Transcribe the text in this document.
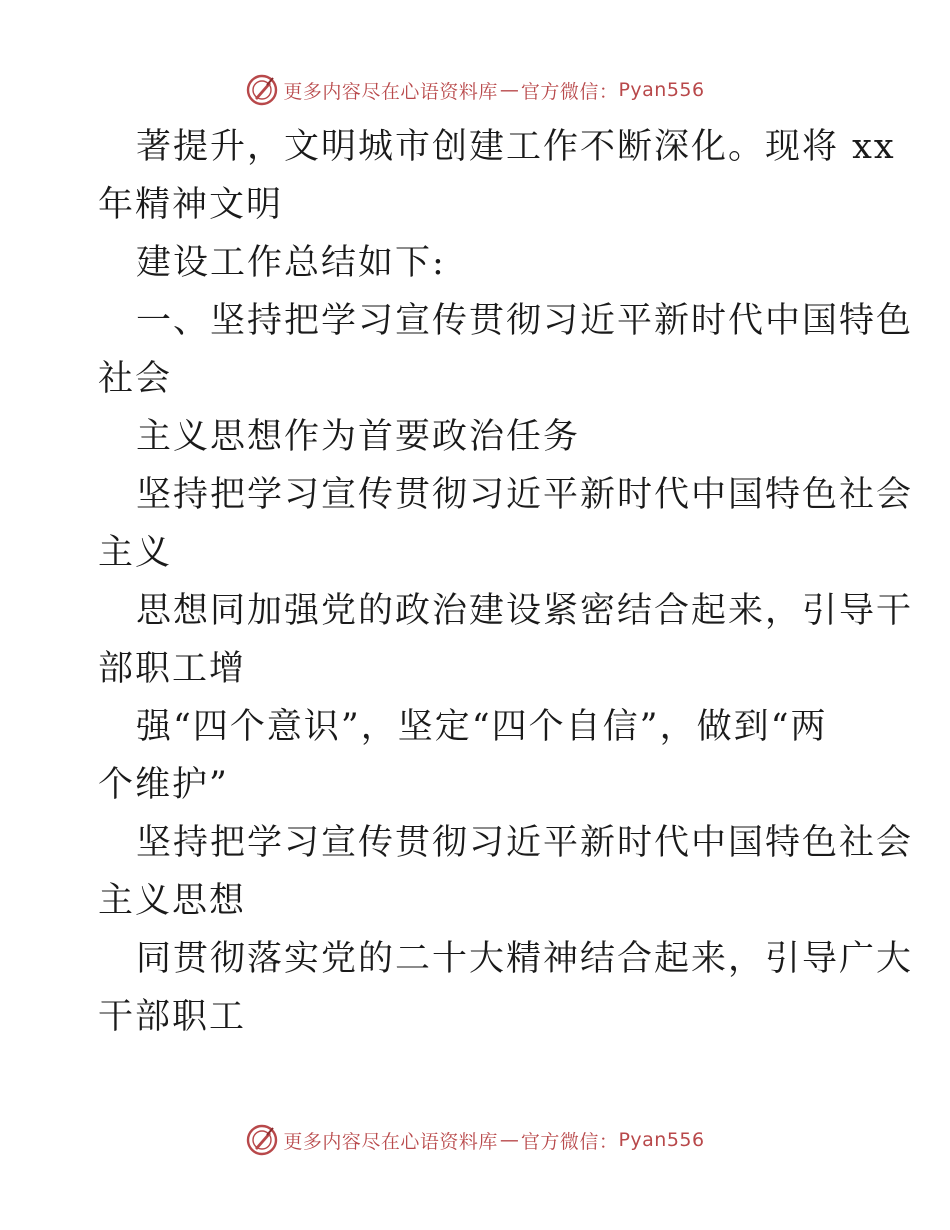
更多内容尽在心语资料库 — 官方微信： Pyan556

著提升，文明城市创建工作不断深化。现将 xx
年精神文明

建设工作总结如下:

一、坚持把学习宣传贯彻习近平新时代中国特色
社会

主义思想作为首要政治任务

坚持把学习宣传贯彻习近平新时代中国特色社会
主义

思想同加强党的政治建设紧密结合起来，引导干
部职工增

强“四个意识”，坚定“四个自信”，做到“两
个维护”

坚持把学习宣传贯彻习近平新时代中国特色社会
主义思想

同贯彻落实党的二十大精神结合起来，引导广大
干部职工

更多内容尽在心语资料库 — 官方微信： Pyan556
